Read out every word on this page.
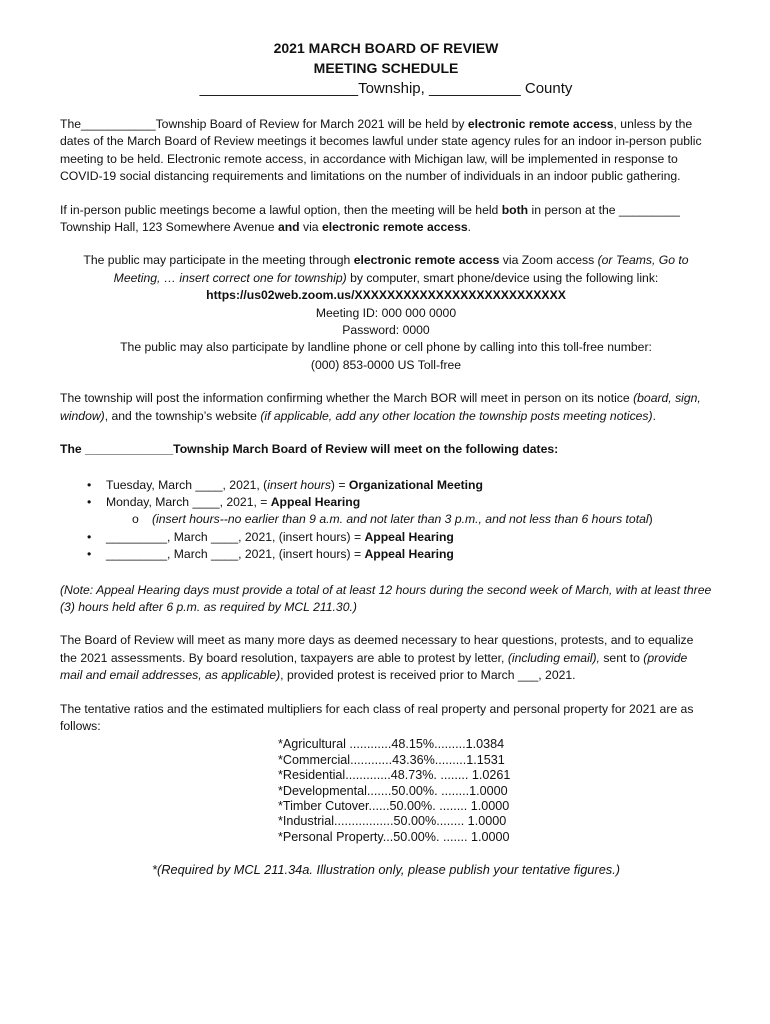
2021 MARCH BOARD OF REVIEW
MEETING SCHEDULE
___________________Township, ___________ County

The___________Township Board of Review for March 2021 will be held by electronic remote access, unless by the dates of the March Board of Review meetings it becomes lawful under state agency rules for an indoor in-person public meeting to be held. Electronic remote access, in accordance with Michigan law, will be implemented in response to COVID-19 social distancing requirements and limitations on the number of individuals in an indoor public gathering.

If in-person public meetings become a lawful option, then the meeting will be held both in person at the _________ Township Hall, 123 Somewhere Avenue and via electronic remote access.

The public may participate in the meeting through electronic remote access via Zoom access (or Teams, Go to Meeting, … insert correct one for township) by computer, smart phone/device using the following link:
https://us02web.zoom.us/XXXXXXXXXXXXXXXXXXXXXXXXXX
Meeting ID: 000 000 0000
Password: 0000
The public may also participate by landline phone or cell phone by calling into this toll-free number:
(000) 853-0000 US Toll-free

The township will post the information confirming whether the March BOR will meet in person on its notice (board, sign, window), and the township’s website (if applicable, add any other location the township posts meeting notices).

The _____________Township March Board of Review will meet on the following dates:

• Tuesday, March ____, 2021, (insert hours) = Organizational Meeting
• Monday, March ____, 2021, = Appeal Hearing
o (insert hours--no earlier than 9 a.m. and not later than 3 p.m., and not less than 6 hours total)
• _________, March ____, 2021, (insert hours) = Appeal Hearing
• _________, March ____, 2021, (insert hours) = Appeal Hearing

(Note: Appeal Hearing days must provide a total of at least 12 hours during the second week of March, with at least three (3) hours held after 6 p.m. as required by MCL 211.30.)

The Board of Review will meet as many more days as deemed necessary to hear questions, protests, and to equalize the 2021 assessments. By board resolution, taxpayers are able to protest by letter, (including email), sent to (provide mail and email addresses, as applicable), provided protest is received prior to March ___, 2021.

The tentative ratios and the estimated multipliers for each class of real property and personal property for 2021 are as follows:

*Agricultural ............48.15%.........1.0384
*Commercial............43.36%.........1.1531
*Residential.............48.73%. ........ 1.0261
*Developmental.......50.00%. ........1.0000
*Timber Cutover......50.00%. ........ 1.0000
*Industrial.................50.00%........ 1.0000
*Personal Property...50.00%. ....... 1.0000
*(Required by MCL 211.34a. Illustration only, please publish your tentative figures.)
